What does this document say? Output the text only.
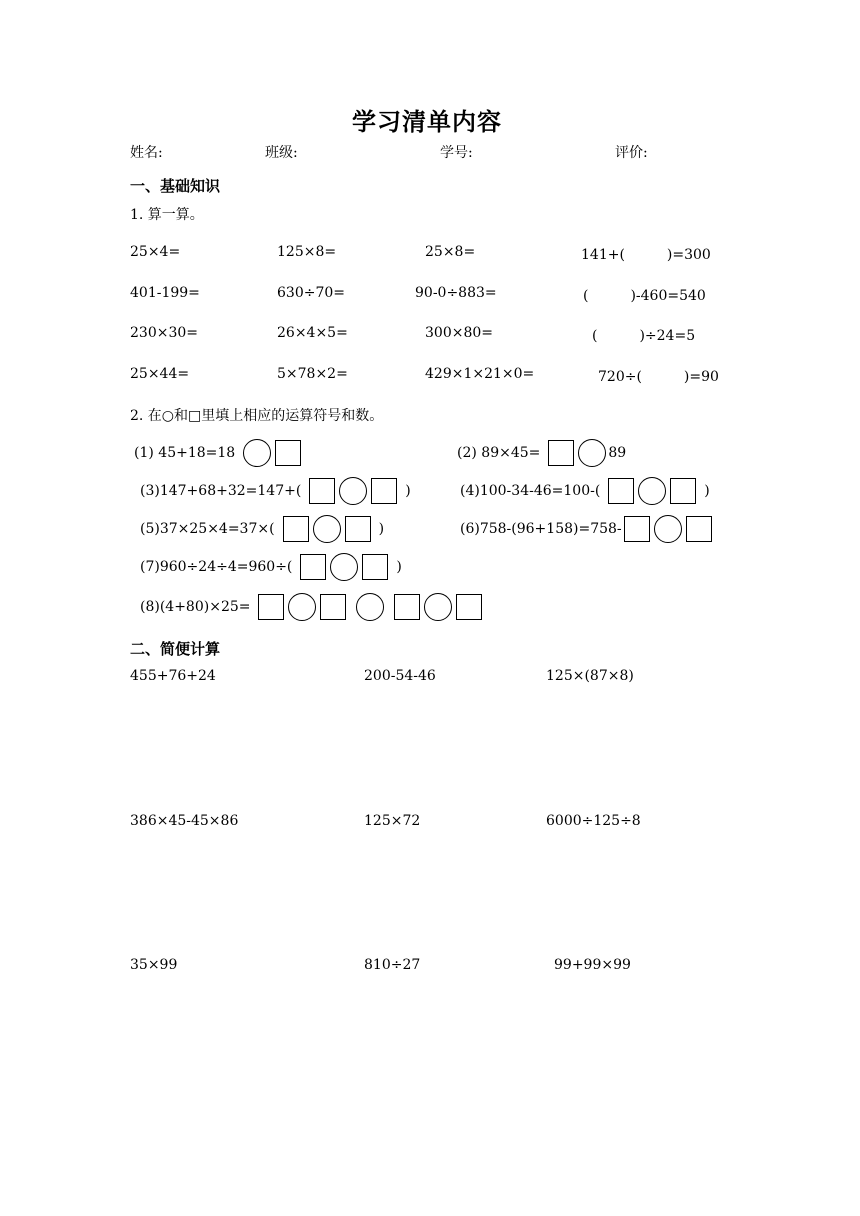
学习清单内容
姓名:	班级:	学号:	评价:
一、基础知识
1. 算一算。
25×4=	125×8=	25×8=	141+(　　　)=300
401-199=	630÷70=	90-0÷883=	(　　　)-460=540
230×30=	26×4×5=	300×80=	(　　　)÷24=5
25×44=	5×78×2=	429×1×21×0=	720÷(　　　)=90
2. 在○和□里填上相应的运算符号和数。
(1) 45+18=18	(2) 89×45=	89
(3)147+68+32=147+(	)	(4)100-34-46=100-(	)
(5)37×25×4=37×(	)	(6)758-(96+158)=758-
(7)960÷24÷4=960÷(	)
(8)(4+80)×25=
二、简便计算
455+76+24	200-54-46	125×(87×8)
386×45-45×86	125×72	6000÷125÷8
35×99	810÷27	99+99×99
